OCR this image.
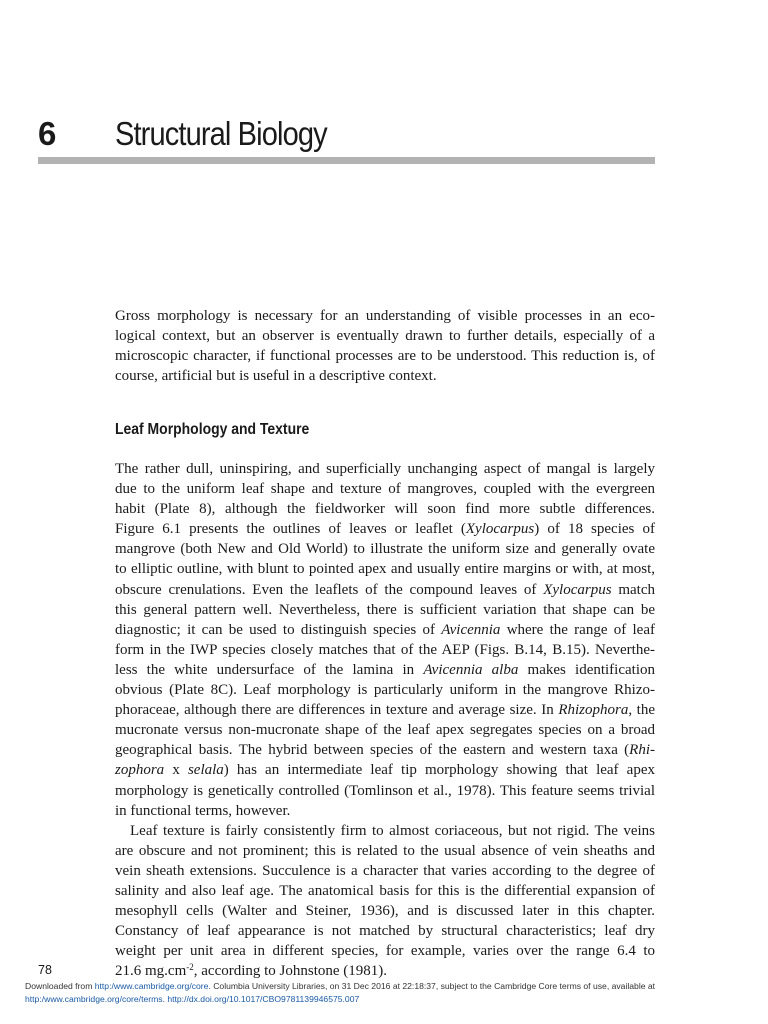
6 Structural Biology
Gross morphology is necessary for an understanding of visible processes in an eco-
logical context, but an observer is eventually drawn to further details, especially of a
microscopic character, if functional processes are to be understood. This reduction is, of
course, artificial but is useful in a descriptive context.
Leaf Morphology and Texture
The rather dull, uninspiring, and superficially unchanging aspect of mangal is largely
due to the uniform leaf shape and texture of mangroves, coupled with the evergreen
habit (Plate 8), although the fieldworker will soon find more subtle differences.
Figure 6.1 presents the outlines of leaves or leaflet (Xylocarpus) of 18 species of
mangrove (both New and Old World) to illustrate the uniform size and generally ovate
to elliptic outline, with blunt to pointed apex and usually entire margins or with, at most,
obscure crenulations. Even the leaflets of the compound leaves of Xylocarpus match
this general pattern well. Nevertheless, there is sufficient variation that shape can be
diagnostic; it can be used to distinguish species of Avicennia where the range of leaf
form in the IWP species closely matches that of the AEP (Figs. B.14, B.15). Neverthe-
less the white undersurface of the lamina in Avicennia alba makes identification
obvious (Plate 8C). Leaf morphology is particularly uniform in the mangrove Rhizo-
phoraceae, although there are differences in texture and average size. In Rhizophora, the
mucronate versus non-mucronate shape of the leaf apex segregates species on a broad
geographical basis. The hybrid between species of the eastern and western taxa (Rhi-
zophora x selala) has an intermediate leaf tip morphology showing that leaf apex
morphology is genetically controlled (Tomlinson et al., 1978). This feature seems trivial
in functional terms, however.
Leaf texture is fairly consistently firm to almost coriaceous, but not rigid. The veins
are obscure and not prominent; this is related to the usual absence of vein sheaths and
vein sheath extensions. Succulence is a character that varies according to the degree of
salinity and also leaf age. The anatomical basis for this is the differential expansion of
mesophyll cells (Walter and Steiner, 1936), and is discussed later in this chapter.
Constancy of leaf appearance is not matched by structural characteristics; leaf dry
weight per unit area in different species, for example, varies over the range 6.4 to
21.6 $mg.cm^{-2}$, according to Johnstone (1981).
78
Downloaded from http:/www.cambridge.org/core. Columbia University Libraries, on 31 Dec 2016 at 22:18:37, subject to the Cambridge Core terms of use, available at
http:/www.cambridge.org/core/terms. http://dx.doi.org/10.1017/CBO9781139946575.007
